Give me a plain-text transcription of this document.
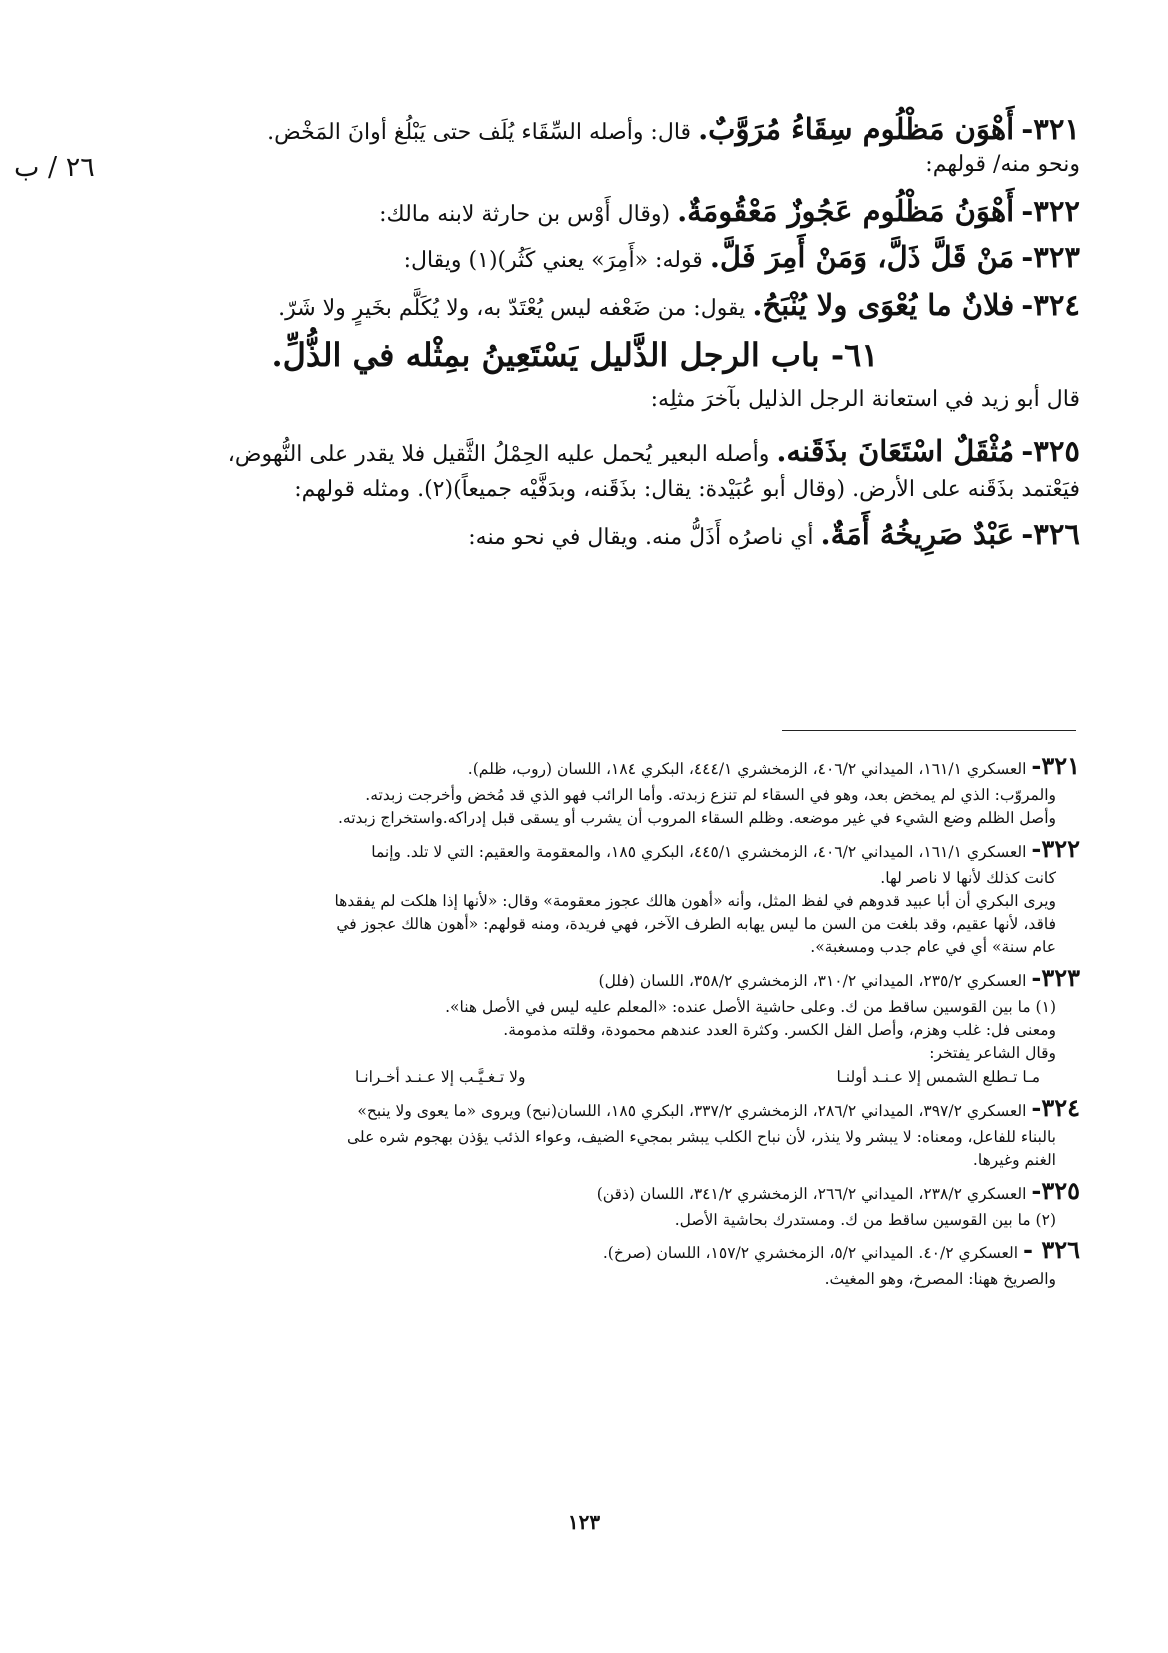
٢٦ / ب
٣٢١- أَهْوَن مَظْلُوم سِقَاءُ مُرَوَّبٌ. قال: وأصله السِّقَاء يُلَف حتى يَبْلُغ أوانَ المَخْض.
ونحو منه/ قولهم:
٣٢٢- أَهْوَنُ مَظْلُوم عَجُوزٌ مَعْقُومَةٌ. (وقال أَوْس بن حارثة لابنه مالك:
٣٢٣- مَنْ قَلَّ ذَلَّ، وَمَنْ أَمِرَ فَلَّ. قوله: «أَمِرَ» يعني كَثُر)(١) ويقال:
٣٢٤- فلانٌ ما يُعْوَى ولا يُنْبَحُ. يقول: من ضَعْفه ليس يُعْتَدّ به، ولا يُكَلَّم بخَيرٍ ولا شَرّ.
٦١- باب الرجل الذَّليل يَسْتَعِينُ بمِثْله في الذُّلِّ.
قال أبو زيد في استعانة الرجل الذليل بآخرَ مثلِه:
٣٢٥- مُثْقَلٌ اسْتَعَانَ بذَقَنه. وأصله البعير يُحمل عليه الحِمْلُ الثَّقيل فلا يقدر على النُّهوض،
فيَعْتمد بذَقَنه على الأرض. (وقال أبو عُبَيْدة: يقال: بذَقَنه، وبدَفَّيْه جميعاً)(٢). ومثله قولهم:
٣٢٦- عَبْدٌ صَرِيخُهُ أَمَةٌ. أي ناصرُه أَذَلُّ منه. ويقال في نحو منه:

٣٢١- العسكري ١٦١/١، الميداني ٤٠٦/٢، الزمخشري ٤٤٤/١، البكري ١٨٤، اللسان (روب، ظلم).

والمروّب: الذي لم يمخض بعد، وهو في السقاء لم تنزع زبدته. وأما الرائب فهو الذي قد مُخض وأخرجت زبدته.

وأصل الظلم وضع الشيء في غير موضعه. وظلم السقاء المروب أن يشرب أو يسقى قبل إدراكه.واستخراج زبدته.

٣٢٢- العسكري ١٦١/١، الميداني ٤٠٦/٢، الزمخشري ٤٤٥/١، البكري ١٨٥، والمعقومة والعقيم: التي لا تلد. وإنما

كانت كذلك لأنها لا ناصر لها.

ويرى البكري أن أبا عبيد قدوهم في لفظ المثل، وأنه «أهون هالك عجوز معقومة» وقال: «لأنها إذا هلكت لم يفقدها

فاقد، لأنها عقيم، وقد بلغت من السن ما ليس يهابه الطرف الآخر، فهي فريدة، ومنه قولهم: «أهون هالك عجوز في

عام سنة» أي في عام جدب ومسغبة».

٣٢٣- العسكري ٢٣٥/٢، الميداني ٣١٠/٢، الزمخشري ٣٥٨/٢، اللسان (فلل)

(١) ما بين القوسين ساقط من ك. وعلى حاشية الأصل عنده: «المعلم عليه ليس في الأصل هنا».

ومعنى فل: غلب وهزم، وأصل الفل الكسر. وكثرة العدد عندهم محمودة، وقلته مذمومة.

وقال الشاعر يفتخر:

مـا تـطلع الشمس إلا عـنـد أولنـا
ولا تـغـيَّـب إلا عـنـد أخـرانـا

٣٢٤- العسكري ٣٩٧/٢، الميداني ٢٨٦/٢، الزمخشري ٣٣٧/٢، البكري ١٨٥، اللسان(نبح) ويروى «ما يعوى ولا ينبح»

بالبناء للفاعل، ومعناه: لا يبشر ولا ينذر، لأن نباح الكلب يبشر بمجيء الضيف، وعواء الذئب يؤذن بهجوم شره على

الغنم وغيرها.

٣٢٥- العسكري ٢٣٨/٢، الميداني ٢٦٦/٢، الزمخشري ٣٤١/٢، اللسان (ذقن)

(٢) ما بين القوسين ساقط من ك. ومستدرك بحاشية الأصل.

٣٢٦ - العسكري ٤٠/٢. الميداني ٥/٢، الزمخشري ١٥٧/٢، اللسان (صرخ).

والصريخ ههنا: المصرخ، وهو المغيث.

١٢٣
